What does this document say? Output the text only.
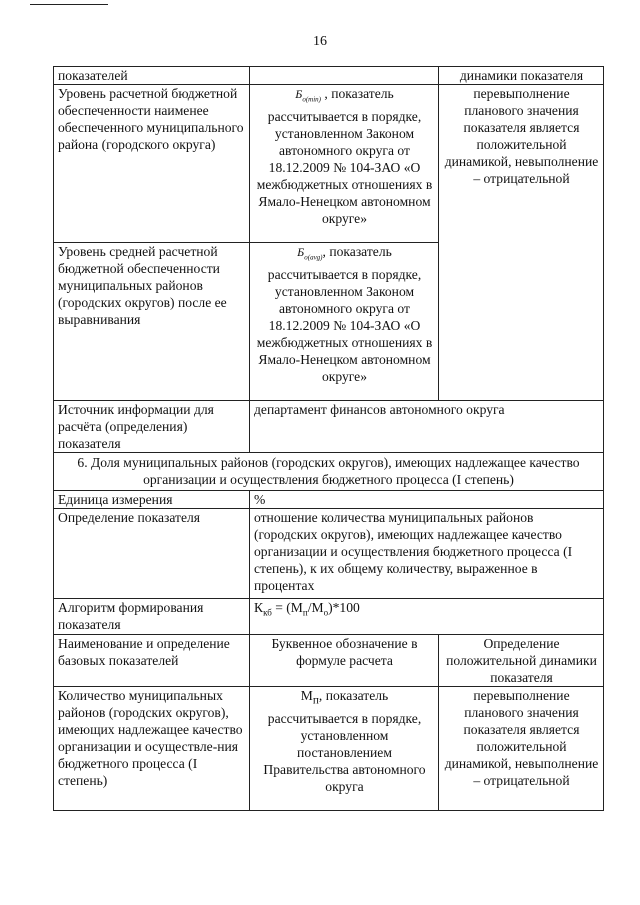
16
показателей		динамики показателя
Уровень расчетной бюджетной обеспеченности наименее обеспеченного муниципального района (городского округа)	$Б_{o(min)}$ , показатель рассчитывается в порядке, установленном Законом автономного округа от 18.12.2009 № 104-ЗАО «О межбюджетных отношениях в Ямало-Ненецком автономном округе»	перевыполнение планового значения показателя является положительной динамикой, невыполнение – отрицательной
Уровень средней расчетной бюджетной обеспеченности муниципальных районов (городских округов) после ее выравнивания	$Б_{o(avg)}$, показатель рассчитывается в порядке, установленном Законом автономного округа от 18.12.2009 № 104-ЗАО «О межбюджетных отношениях в Ямало-Ненецком автономном округе»	
Источник информации для расчёта (определения) показателя	департамент финансов автономного округа	
6. Доля муниципальных районов (городских округов), имеющих надлежащее качество организации и осуществления бюджетного процесса (I степень)		
Единица измерения	%	
Определение показателя	отношение количества муниципальных районов (городских округов), имеющих надлежащее качество организации и осуществления бюджетного процесса (I степень), к их общему количеству, выраженное в процентах	
Алгоритм формирования показателя	$К_{кб} = (М_п/М_о)*100$	
Наименование и определение базовых показателей	Буквенное обозначение в формуле расчета	Определение положительной динамики показателя
Количество муниципальных районов (городских округов), имеющих надлежащее качество организации и осуществле-ния бюджетного процесса (I степень)	$М_п$, показатель рассчитывается в порядке, установленном постановлением Правительства автономного округа	перевыполнение планового значения показателя является положительной динамикой, невыполнение – отрицательной
